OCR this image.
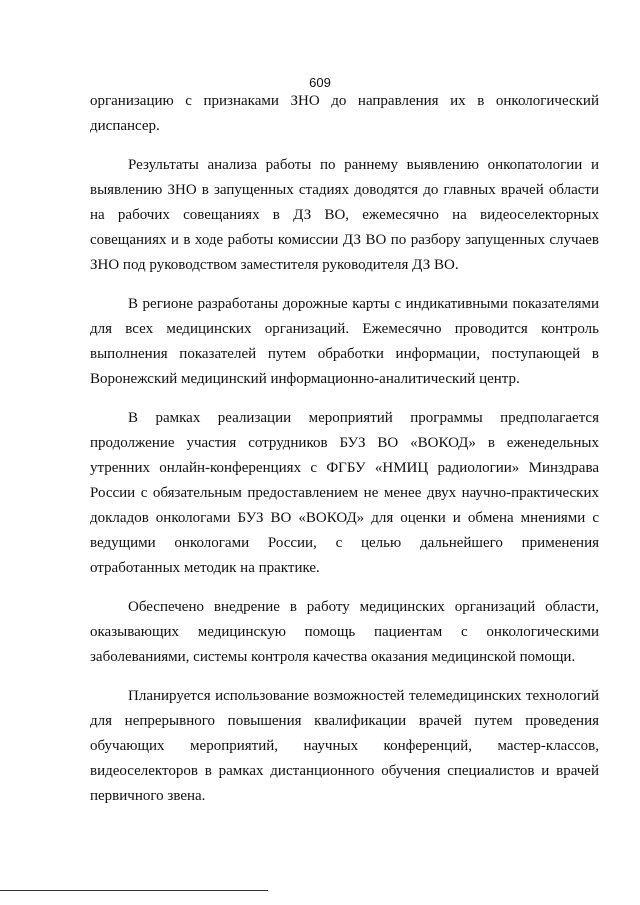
609

организацию с признаками ЗНО до направления их в онкологический диспансер.

Результаты анализа работы по раннему выявлению онкопатологии и выявлению ЗНО в запущенных стадиях доводятся до главных врачей области на рабочих совещаниях в ДЗ ВО, ежемесячно на видеоселекторных совещаниях и в ходе работы комиссии ДЗ ВО по разбору запущенных случаев ЗНО под руководством заместителя руководителя ДЗ ВО.

В регионе разработаны дорожные карты с индикативными показателями для всех медицинских организаций. Ежемесячно проводится контроль выполнения показателей путем обработки информации, поступающей в Воронежский медицинский информационно-аналитический центр.

В рамках реализации мероприятий программы предполагается продолжение участия сотрудников БУЗ ВО «ВОКОД» в еженедельных утренних онлайн-конференциях с ФГБУ «НМИЦ радиологии» Минздрава России с обязательным предоставлением не менее двух научно-практических докладов онкологами БУЗ ВО «ВОКОД» для оценки и обмена мнениями с ведущими онкологами России, с целью дальнейшего применения отработанных методик на практике.

Обеспечено внедрение в работу медицинских организаций области, оказывающих медицинскую помощь пациентам с онкологическими заболеваниями, системы контроля качества оказания медицинской помощи.

Планируется использование возможностей телемедицинских технологий для непрерывного повышения квалификации врачей путем проведения обучающих мероприятий, научных конференций, мастер-классов, видеоселекторов в рамках дистанционного обучения специалистов и врачей первичного звена.
